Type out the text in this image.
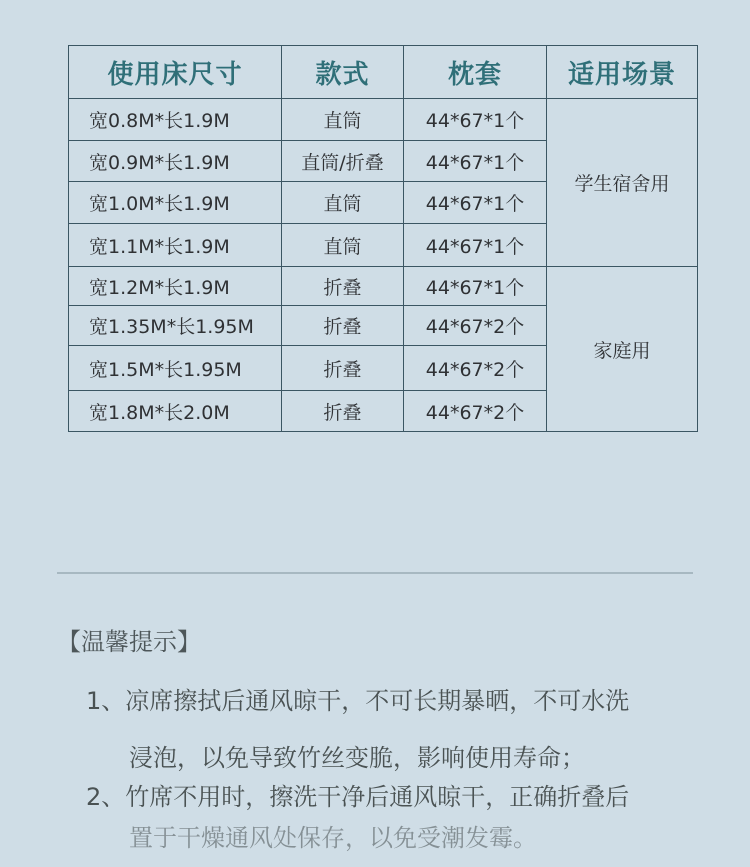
使用床尺寸	款式	枕套	适用场景
宽0.8M*长1.9M	直筒	44*67*1个	学生宿舍用
宽0.9M*长1.9M	直筒/折叠	44*67*1个	
宽1.0M*长1.9M	直筒	44*67*1个	
宽1.1M*长1.9M	直筒	44*67*1个	
宽1.2M*长1.9M	折叠	44*67*1个	家庭用
宽1.35M*长1.95M	折叠	44*67*2个	
宽1.5M*长1.95M	折叠	44*67*2个	
宽1.8M*长2.0M	折叠	44*67*2个	
【温馨提示】
1、凉席擦拭后通风晾干，不可长期暴晒，不可水洗
浸泡，以免导致竹丝变脆，影响使用寿命；
2、竹席不用时，擦洗干净后通风晾干，正确折叠后
置于干燥通风处保存，以免受潮发霉。
